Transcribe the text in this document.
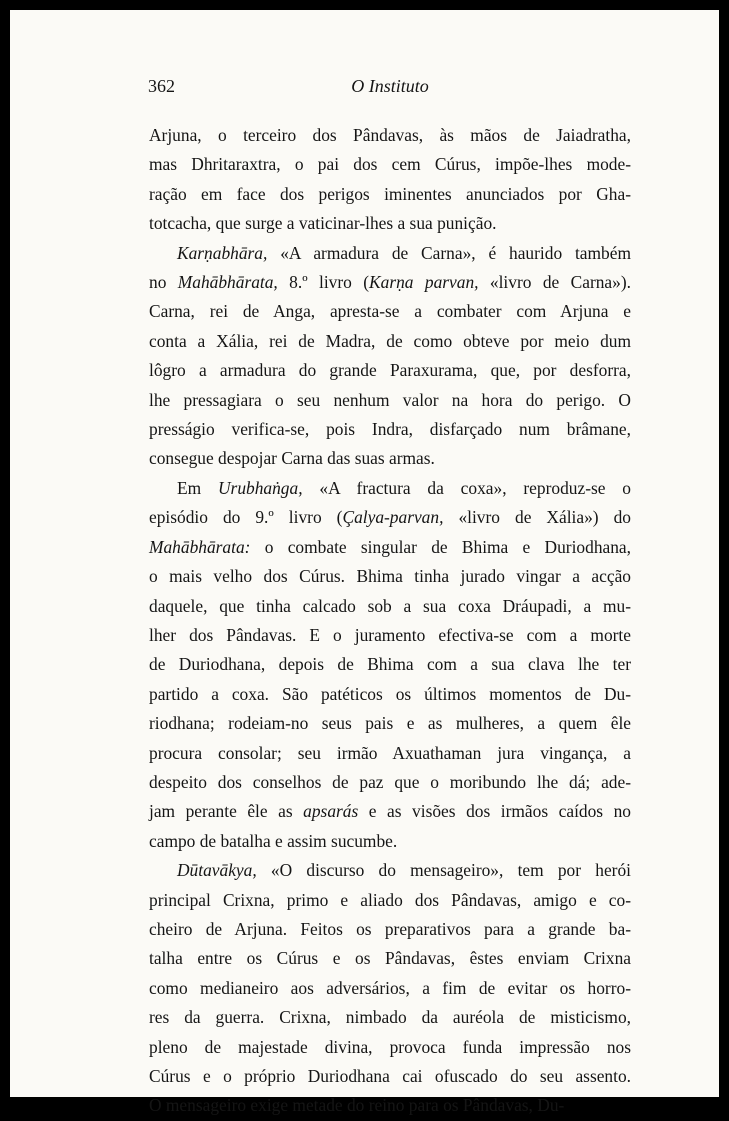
362	O Instituto
Arjuna, o terceiro dos Pândavas, às mãos de Jaiadratha,
mas Dhritaraxtra, o pai dos cem Cúrus, impõe-lhes mode-
ração em face dos perigos iminentes anunciados por Gha-
totcacha, que surge a vaticinar-lhes a sua punição.
Karṇabhāra, «A armadura de Carna», é haurido também
no Mahābhārata, 8.º livro (Karṇa parvan, «livro de Carna»).
Carna, rei de Anga, apresta-se a combater com Arjuna e
conta a Xália, rei de Madra, de como obteve por meio dum
lôgro a armadura do grande Paraxurama, que, por desforra,
lhe pressagiara o seu nenhum valor na hora do perigo. O
presságio verifica-se, pois Indra, disfarçado num brâmane,
consegue despojar Carna das suas armas.
Em Urubhaṅga, «A fractura da coxa», reproduz-se o
episódio do 9.º livro (Çalya-parvan, «livro de Xália») do
Mahābhārata: o combate singular de Bhima e Duriodhana,
o mais velho dos Cúrus. Bhima tinha jurado vingar a acção
daquele, que tinha calcado sob a sua coxa Dráupadi, a mu-
lher dos Pândavas. E o juramento efectiva-se com a morte
de Duriodhana, depois de Bhima com a sua clava lhe ter
partido a coxa. São patéticos os últimos momentos de Du-
riodhana; rodeiam-no seus pais e as mulheres, a quem êle
procura consolar; seu irmão Axuathaman jura vingança, a
despeito dos conselhos de paz que o moribundo lhe dá; ade-
jam perante êle as apsarás e as visões dos irmãos caídos no
campo de batalha e assim sucumbe.
Dūtavākya, «O discurso do mensageiro», tem por herói
principal Crixna, primo e aliado dos Pândavas, amigo e co-
cheiro de Arjuna. Feitos os preparativos para a grande ba-
talha entre os Cúrus e os Pândavas, êstes enviam Crixna
como medianeiro aos adversários, a fim de evitar os horro-
res da guerra. Crixna, nimbado da auréola de misticismo,
pleno de majestade divina, provoca funda impressão nos
Cúrus e o próprio Duriodhana cai ofuscado do seu assento.
O mensageiro exige metade do reino para os Pândavas, Du-
